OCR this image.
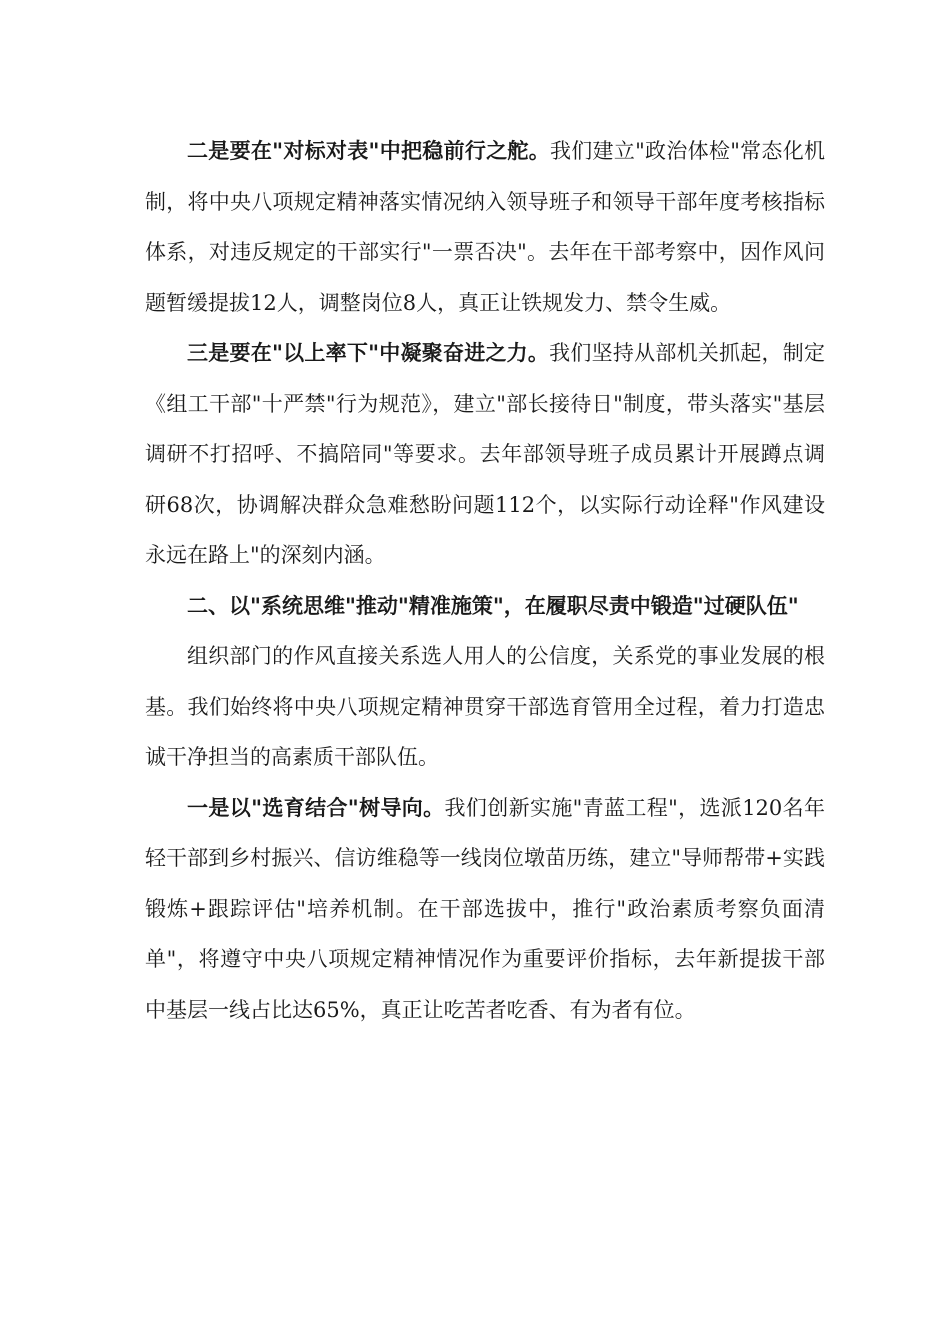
二是要在"对标对表"中把稳前行之舵。我们建立"政治体检"常态化机制，将中央八项规定精神落实情况纳入领导班子和领导干部年度考核指标体系，对违反规定的干部实行"一票否决"。去年在干部考察中，因作风问题暂缓提拔12人，调整岗位8人，真正让铁规发力、禁令生威。

三是要在"以上率下"中凝聚奋进之力。我们坚持从部机关抓起，制定《组工干部"十严禁"行为规范》，建立"部长接待日"制度，带头落实"基层调研不打招呼、不搞陪同"等要求。去年部领导班子成员累计开展蹲点调研68次，协调解决群众急难愁盼问题112个，以实际行动诠释"作风建设永远在路上"的深刻内涵。

二、以"系统思维"推动"精准施策"，在履职尽责中锻造"过硬队伍"

组织部门的作风直接关系选人用人的公信度，关系党的事业发展的根基。我们始终将中央八项规定精神贯穿干部选育管用全过程，着力打造忠诚干净担当的高素质干部队伍。

一是以"选育结合"树导向。我们创新实施"青蓝工程"，选派120名年轻干部到乡村振兴、信访维稳等一线岗位墩苗历练，建立"导师帮带+实践锻炼+跟踪评估"培养机制。在干部选拔中，推行"政治素质考察负面清单"，将遵守中央八项规定精神情况作为重要评价指标，去年新提拔干部中基层一线占比达65%，真正让吃苦者吃香、有为者有位。
